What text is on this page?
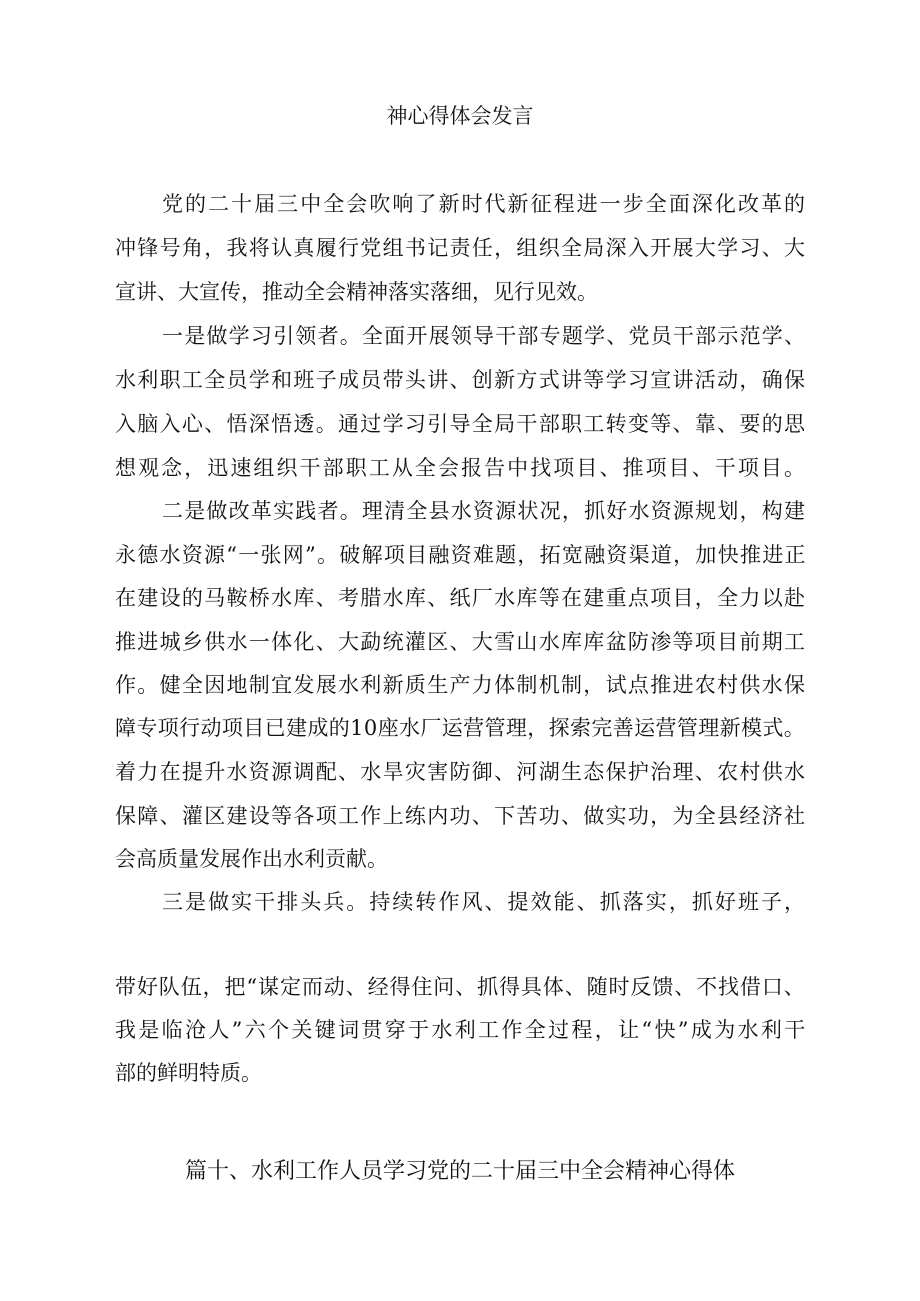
神心得体会发言
党的二十届三中全会吹响了新时代新征程进一步全面深化改革的
冲锋号角，我将认真履行党组书记责任，组织全局深入开展大学习、大
宣讲、大宣传，推动全会精神落实落细，见行见效。
一是做学习引领者。全面开展领导干部专题学、党员干部示范学、
水利职工全员学和班子成员带头讲、创新方式讲等学习宣讲活动，确保
入脑入心、悟深悟透。通过学习引导全局干部职工转变等、靠、要的思
想观念，迅速组织干部职工从全会报告中找项目、推项目、干项目。
二是做改革实践者。理清全县水资源状况，抓好水资源规划，构建
永德水资源“一张网”。破解项目融资难题，拓宽融资渠道，加快推进正
在建设的马鞍桥水库、考腊水库、纸厂水库等在建重点项目，全力以赴
推进城乡供水一体化、大勐统灌区、大雪山水库库盆防渗等项目前期工
作。健全因地制宜发展水利新质生产力体制机制，试点推进农村供水保
障专项行动项目已建成的10座水厂运营管理，探索完善运营管理新模式。
着力在提升水资源调配、水旱灾害防御、河湖生态保护治理、农村供水
保障、灌区建设等各项工作上练内功、下苦功、做实功，为全县经济社
会高质量发展作出水利贡献。
三是做实干排头兵。持续转作风、提效能、抓落实，抓好班子，
带好队伍，把“谋定而动、经得住问、抓得具体、随时反馈、不找借口、
我是临沧人”六个关键词贯穿于水利工作全过程，让“快”成为水利干
部的鲜明特质。
篇十、水利工作人员学习党的二十届三中全会精神心得体
